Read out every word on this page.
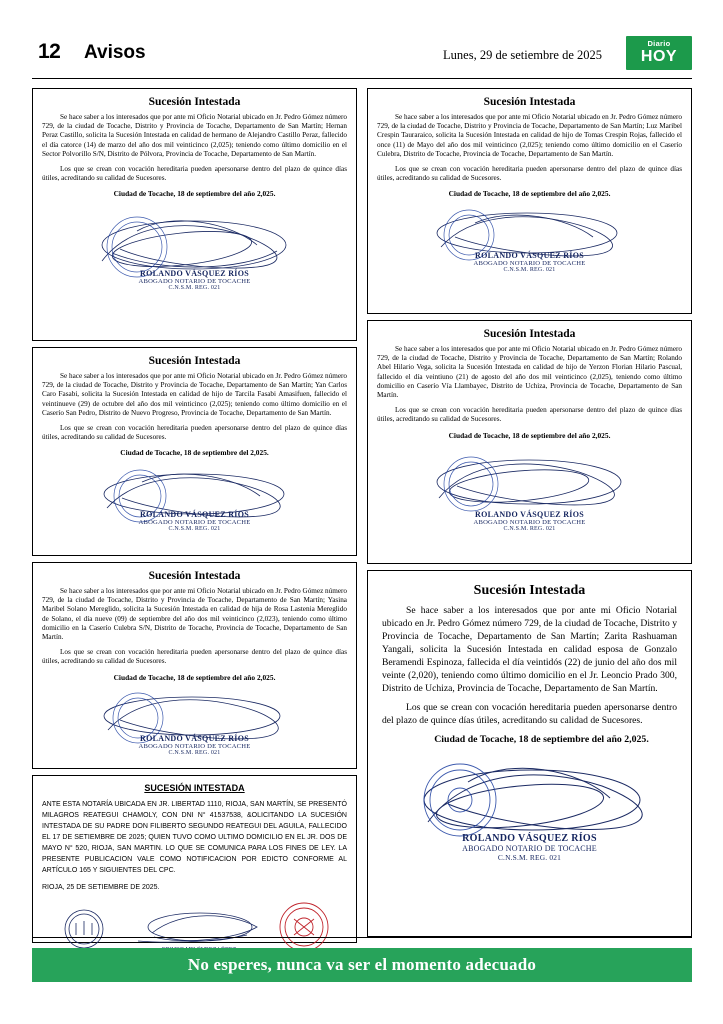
12 Avisos	Lunes, 29 de setiembre de 2025
Diario
HOY
Sucesión Intestada

Se hace saber a los interesados que por ante mi Oficio Notarial ubicado en Jr. Pedro Gómez número 729, de la ciudad de Tocache, Distrito y Provincia de Tocache, Departamento de San Martín; Hernan Peraz Castillo, solicita la Sucesión Intestada en calidad de hermano de Alejandro Castillo Peraz, fallecido el día catorce (14) de marzo del año dos mil veinticinco (2,025); teniendo como último domicilio en el Sector Polvorillo S/N, Distrito de Pólvora, Provincia de Tocache, Departamento de San Martín.

Los que se crean con vocación hereditaria pueden apersonarse dentro del plazo de quince días útiles, acreditando su calidad de Sucesores.

Ciudad de Tocache, 18 de septiembre del año 2,025.

ROLANDO VÁSQUEZ RÍOS
ABOGADO NOTARIO DE TOCACHE
C.N.S.M. REG. 021
Sucesión Intestada

Se hace saber a los interesados que por ante mi Oficio Notarial ubicado en Jr. Pedro Gómez número 729, de la ciudad de Tocache, Distrito y Provincia de Tocache, Departamento de San Martín; Yan Carlos Caro Fasabi, solicita la Sucesión Intestada en calidad de hijo de Tarcila Fasabi Amasifuen, fallecido el veintinueve (29) de octubre del año dos mil veinticinco (2,025); teniendo como último domicilio en el Caserío San Pedro, Distrito de Nuevo Progreso, Provincia de Tocache, Departamento de San Martín.

Los que se crean con vocación hereditaria pueden apersonarse dentro del plazo de quince días útiles, acreditando su calidad de Sucesores.

Ciudad de Tocache, 18 de septiembre del 2,025.

ROLANDO VÁSQUEZ RÍOS
ABOGADO NOTARIO DE TOCACHE
C.N.S.M. REG. 021
Sucesión Intestada

Se hace saber a los interesados que por ante mi Oficio Notarial ubicado en Jr. Pedro Gómez número 729, de la ciudad de Tocache, Distrito y Provincia de Tocache, Departamento de San Martín; Yasina Maribel Solano Mereglido, solicita la Sucesión Intestada en calidad de hija de Rosa Lastenia Mereglido de Solano, el día nueve (09) de septiembre del año dos mil veinticinco (2,023), teniendo como último domicilio en la Caserío Culebra S/N, Distrito de Tocache, Provincia de Tocache, Departamento de San Martín.

Los que se crean con vocación hereditaria pueden apersonarse dentro del plazo de quince días útiles, acreditando su calidad de Sucesores.

Ciudad de Tocache, 18 de septiembre del año 2,025.

ROLANDO VÁSQUEZ RÍOS
ABOGADO NOTARIO DE TOCACHE
C.N.S.M. REG. 021
SUCESIÓN INTESTADA

ANTE ESTA NOTARÍA UBICADA EN JR. LIBERTAD 1110, RIOJA, SAN MARTÍN, SE PRESENTÓ MILAGROS REATEGUI CHAMOLY, CON DNI N° 41537538, &OLICITANDO LA SUCESIÓN INTESTADA DE SU PADRE DON FILIBERTO SEGUNDO REATEGUI DEL AGUILA, FALLECIDO EL 17 DE SETIEMBRE DE 2025; QUIEN TUVO COMO ULTIMO DOMICILIO EN EL JR. DOS DE MAYO N° 520, RIOJA, SAN MARTIN. LO QUE SE COMUNICA PARA LOS FINES DE LEY. LA PRESENTE PUBLICACION VALE COMO NOTIFICACION POR EDICTO CONFORME AL ARTÍCULO 165 Y SIGUIENTES DEL CPC.

RIOJA, 25 DE SETIEMBRE DE 2025.

Sucesión Intestada

Se hace saber a los interesados que por ante mi Oficio Notarial ubicado en Jr. Pedro Gómez número 729, de la ciudad de Tocache, Distrito y Provincia de Tocache, Departamento de San Martín; Luz Maribel Crespin Tauraraico, solicita la Sucesión Intestada en calidad de hijo de Tomas Crespin Rojas, fallecido el once (11) de Mayo del año dos mil veinticinco (2,025); teniendo como último domicilio en el Caserío Culebra, Distrito de Tocache, Provincia de Tocache, Departamento de San Martín.

Los que se crean con vocación hereditaria pueden apersonarse dentro del plazo de quince días útiles, acreditando su calidad de Sucesores.

Ciudad de Tocache, 18 de septiembre del año 2,025.

ROLANDO VÁSQUEZ RÍOS
ABOGADO NOTARIO DE TOCACHE
C.N.S.M. REG. 021
Sucesión Intestada

Se hace saber a los interesados que por ante mi Oficio Notarial ubicado en Jr. Pedro Gómez número 729, de la ciudad de Tocache, Distrito y Provincia de Tocache, Departamento de San Martín; Rolando Abel Hilario Vega, solicita la Sucesión Intestada en calidad de hijo de Yerzon Florian Hilario Pascual, fallecido el día veintiuno (21) de agosto del año dos mil veinticinco (2,025), teniendo como último domicilio en Caserío Vía Llambayec, Distrito de Uchiza, Provincia de Tocache, Departamento de San Martín.

Los que se crean con vocación hereditaria pueden apersonarse dentro del plazo de quince días útiles, acreditando su calidad de Sucesores.

Ciudad de Tocache, 18 de septiembre del año 2,025.

ROLANDO VÁSQUEZ RÍOS
ABOGADO NOTARIO DE TOCACHE
C.N.S.M. REG. 021
Sucesión Intestada

Se hace saber a los interesados que por ante mi Oficio Notarial ubicado en Jr. Pedro Gómez número 729, de la ciudad de Tocache, Distrito y Provincia de Tocache, Departamento de San Martín; Zarita Rashuaman Yangali, solicita la Sucesión Intestada en calidad esposa de Gonzalo Beramendi Espinoza, fallecida el día veintidós (22) de junio del año dos mil veinte (2,020), teniendo como último domicilio en el Jr. Leoncio Prado 300, Distrito de Uchiza, Provincia de Tocache, Departamento de San Martín.

Los que se crean con vocación hereditaria pueden apersonarse dentro del plazo de quince días útiles, acreditando su calidad de Sucesores.

Ciudad de Tocache, 18 de septiembre del año 2,025.

ROLANDO VÁSQUEZ RÍOS
ABOGADO NOTARIO DE TOCACHE
C.N.S.M. REG. 021
No esperes, nunca va ser el momento adecuado
